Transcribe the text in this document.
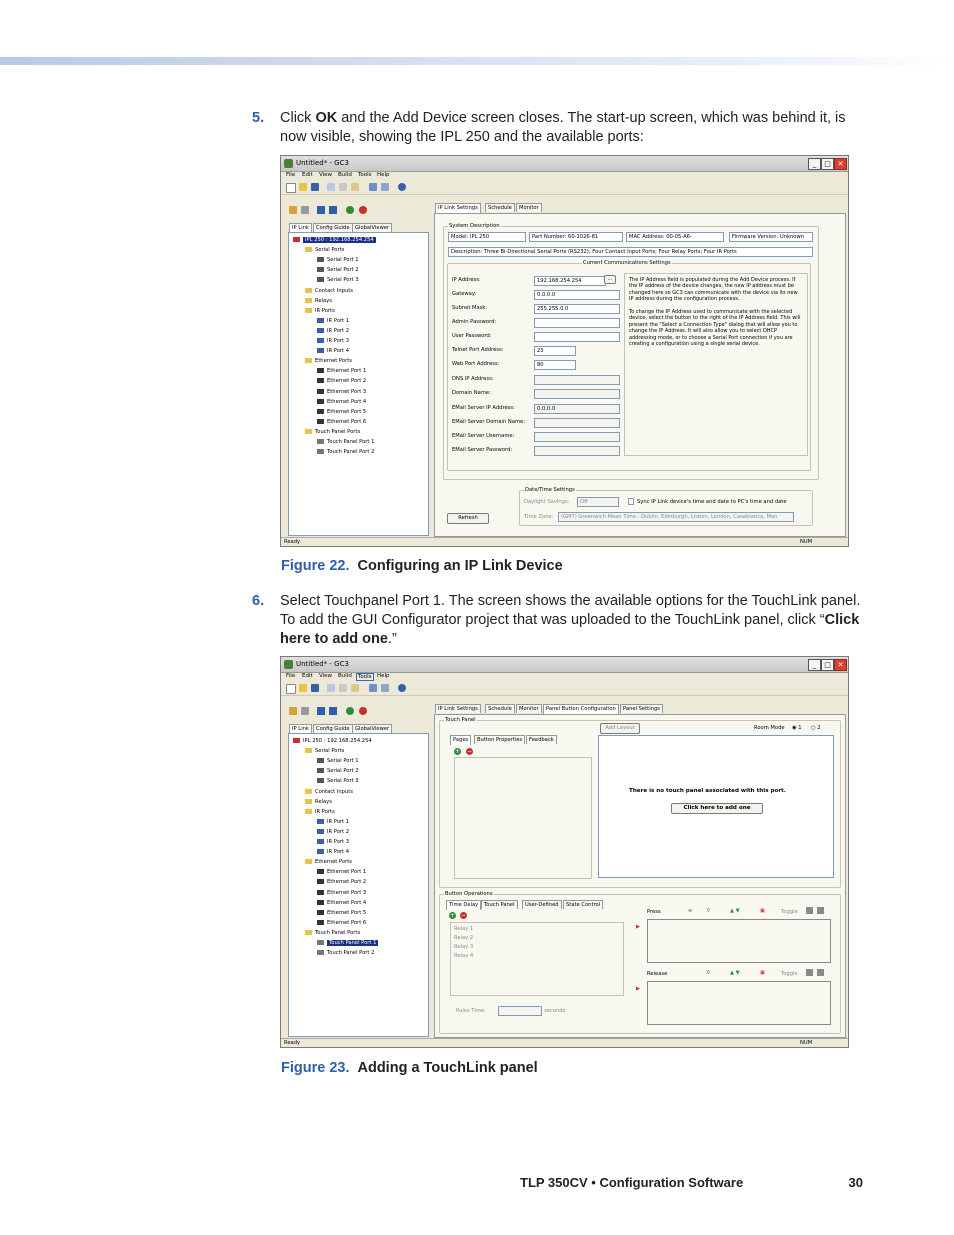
5. Click OK and the Add Device screen closes. The start-up screen, which was behind it, is now visible, showing the IPL 250 and the available ports:
Untitled* - GC3	_	□ ✕
File Edit View Build Tools Help
IP Link	Config Guide	GlobalViewer
IPL 250 : 192.168.254.254
Serial Ports
Serial Port 1
Serial Port 2
Serial Port 3
Contact Inputs
Relays
IR Ports
IR Port 1
IR Port 2
IR Port 3
IR Port 4
Ethernet Ports
Ethernet Port 1
Ethernet Port 2
Ethernet Port 3
Ethernet Port 4
Ethernet Port 5
Ethernet Port 6
Touch Panel Ports
Touch Panel Port 1
Touch Panel Port 2
IP Link Settings	Schedule	Monitor
System Description
Model: IPL 250	Part Number: 60-1026-81	MAC Address: 00-05-A6-	Firmware Version: Unknown
Description: Three Bi-Directional Serial Ports (RS232); Four Contact Input Ports; Four Relay Ports; Four IR Ports
Current Communications Settings
IP Address:	192.168.254.254
Gateway:	0.0.0.0
Subnet Mask:	255.255.0.0
Admin Password:
User Password:
Telnet Port Address:	23
Web Port Address:	80
DNS IP Address:
Domain Name:
EMail Server IP Address:	0.0.0.0
EMail Server Domain Name:
EMail Server Username:
EMail Server Password:
...	The IP Address field is populated during the Add Device process. If the IP address of the device changes, the new IP address must be changed here so GC3 can communicate with the device via its new IP address during the configuration process.

To change the IP Address used to communicate with the selected device, select the button to the right of the IP Address field. This will present the "Select a Connection Type" dialog that will allow you to change the IP Address. It will also allow you to select DHCP addressing mode, or to choose a Serial Port connection if you are creating a configuration using a single serial device.
Date/Time Settings
Daylight Savings:	Off	Sync IP Link device's time and date to PC's time and date
Time Zone:	(GMT) Greenwich Mean Time : Dublin, Edinburgh, Lisbon, London, Casablanca, Mon
Refresh
Ready	NUM
Figure 22. Configuring an IP Link Device
6. Select Touchpanel Port 1. The screen shows the available options for the TouchLink panel. To add the GUI Configurator project that was uploaded to the TouchLink panel, click “Click here to add one.”
Untitled* - GC3	_	□ ✕
File Edit View Build	Tools Help
IP Link	Config Guide	GlobalViewer
IPL 250 : 192.168.254.254
Serial Ports
Serial Port 1
Serial Port 2
Serial Port 3
Contact Inputs
Relays
IR Ports
IR Port 1
IR Port 2
IR Port 3
IR Port 4
Ethernet Ports
Ethernet Port 1
Ethernet Port 2
Ethernet Port 3
Ethernet Port 4
Ethernet Port 5
Ethernet Port 6
Touch Panel Ports
Touch Panel Port 1
Touch Panel Port 2
IP Link Settings	Schedule	Monitor	Panel Button Configuration	Panel Settings
Touch Panel
Add Layout	Room Mode ◉ 1 ○ 2
Pages	Button Properties	Feedback
+ −
There is no touch panel associated with this port.
Click here to add one
Button Operations
Time Delay	Touch Panel	User-Defined	State Control
+ −
Relay 1
Relay 2
Relay 3
Relay 4
Pulse Time:	seconds
▶
▶
Press	∞	⌔	▲ ▼	▣	Toggle
Release	⌔	▲ ▼	▣	Toggle
Ready	NUM
Figure 23. Adding a TouchLink panel
TLP 350CV • Configuration Software	30
